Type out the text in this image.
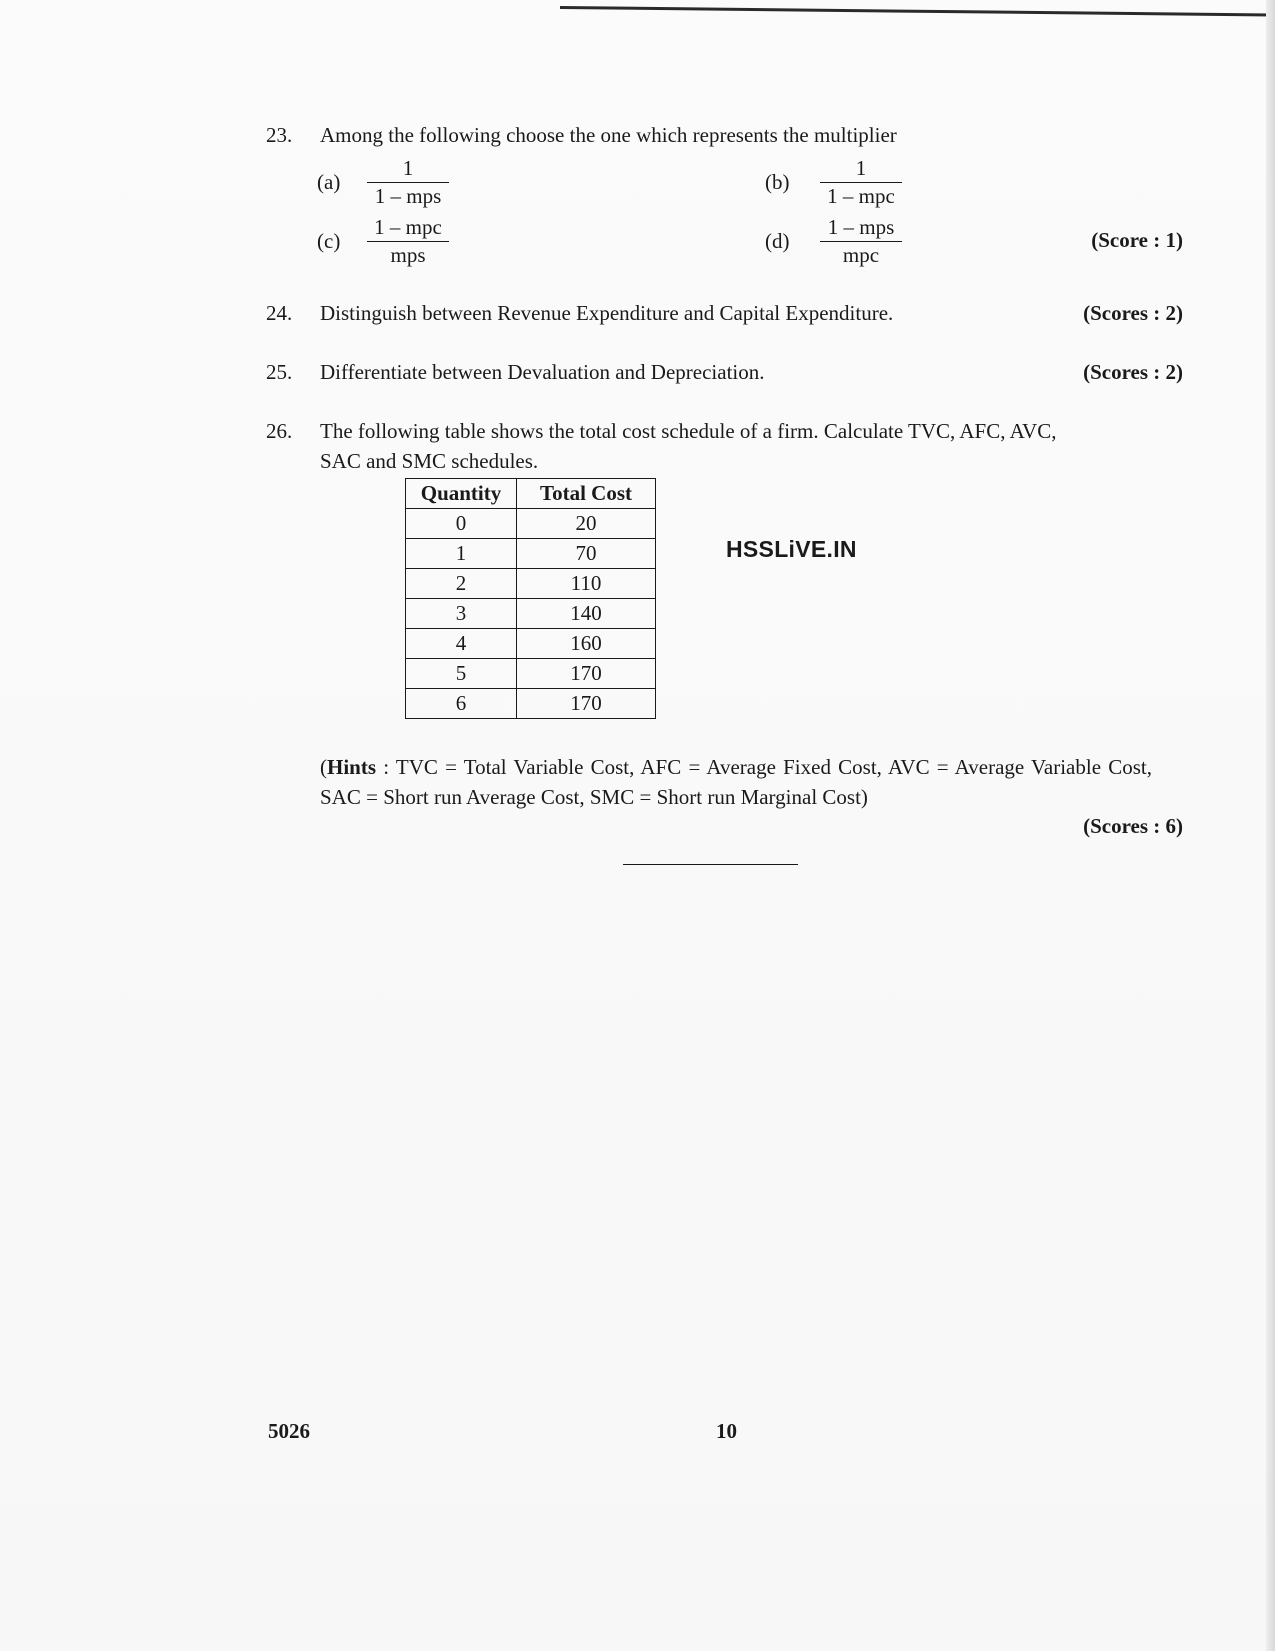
23.	Among the following choose the one which represents the multiplier
(a)
1
1 – mps
(b)
1
1 – mpc
(c)
1 – mpc
mps
(d)
1 – mps
mpc
(Score : 1)
24.	Distinguish between Revenue Expenditure and Capital Expenditure.	(Scores : 2)
25.	Differentiate between Devaluation and Depreciation.	(Scores : 2)
26.	The following table shows the total cost schedule of a firm. Calculate TVC, AFC, AVC,
SAC and SMC schedules.
Quantity	Total Cost
0	20
1	70
2	110
3	140
4	160
5	170
6	170
HSSLiVE.IN
(Hints : TVC = Total Variable Cost, AFC = Average Fixed Cost, AVC = Average Variable Cost, SAC = Short run Average Cost, SMC = Short run Marginal Cost)
(Scores : 6)
5026	10
